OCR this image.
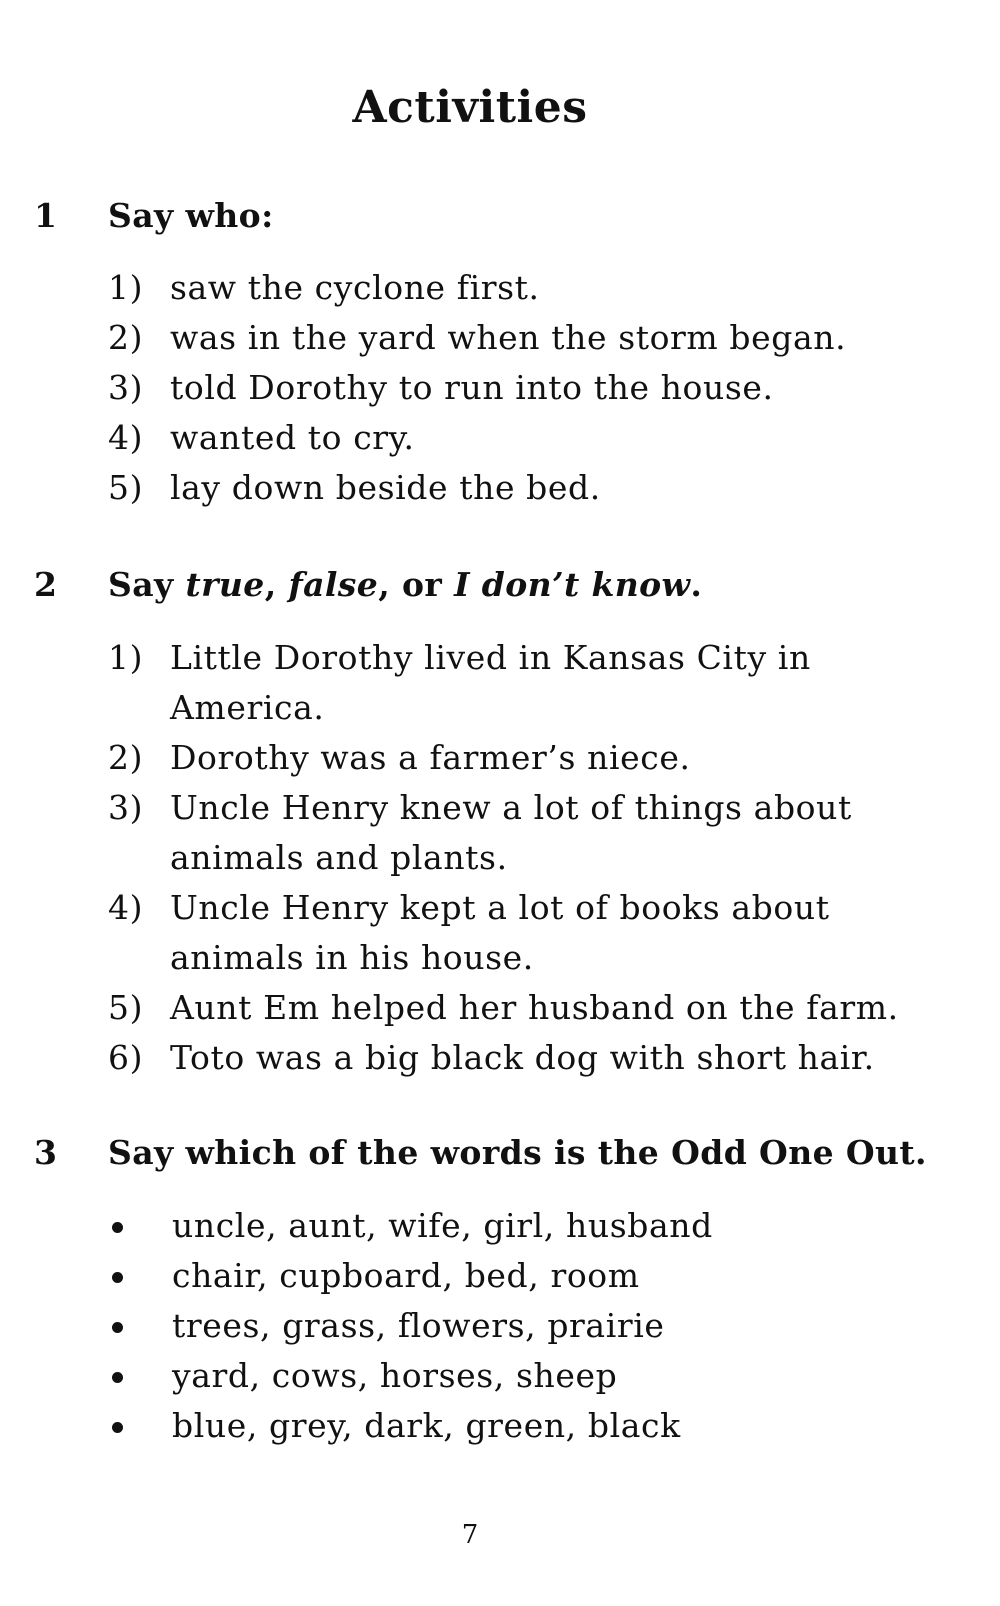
Activities
1 Say who:
1) saw the cyclone first.
2) was in the yard when the storm began.
3) told Dorothy to run into the house.
4) wanted to cry.
5) lay down beside the bed.
2 Say true, false, or I don’t know.
1) Little Dorothy lived in Kansas City in America.
2) Dorothy was a farmer’s niece.
3) Uncle Henry knew a lot of things about animals and plants.
4) Uncle Henry kept a lot of books about animals in his house.
5) Aunt Em helped her husband on the farm.
6) Toto was a big black dog with short hair.
3 Say which of the words is the Odd One Out.
uncle, aunt, wife, girl, husband
chair, cupboard, bed, room
trees, grass, flowers, prairie
yard, cows, horses, sheep
blue, grey, dark, green, black
7
